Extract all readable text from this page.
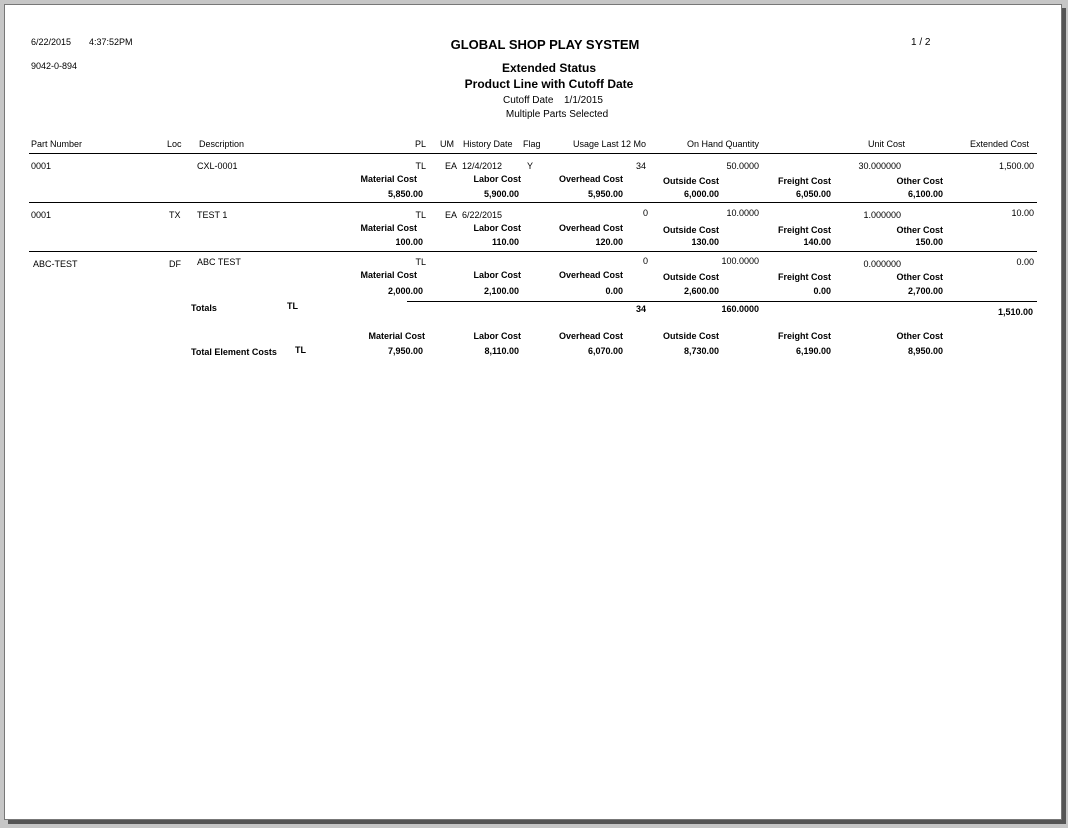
6/22/2015 4:37:52PM
9042-0-894
GLOBAL SHOP PLAY SYSTEM	1 / 2
Extended Status
Product Line with Cutoff Date
Cutoff Date 1/1/2015
Multiple Parts Selected
Part Number	Loc Description	PL UM History Date Flag	Usage Last 12 Mo	On Hand Quantity	Unit Cost	Extended Cost
0001	CXL-0001	TL EA 12/4/2012	Y	34	50.0000	30.000000	1,500.00
Material Cost	Labor Cost	Overhead Cost	Outside Cost	Freight Cost	Other Cost
5,850.00	5,900.00	5,950.00	6,000.00	6,050.00	6,100.00
0001	TX TEST 1	TL EA 6/22/2015	0	10.0000	1.000000	10.00
Material Cost	Labor Cost	Overhead Cost	Outside Cost	Freight Cost	Other Cost
100.00	110.00	120.00	130.00	140.00	150.00
ABC-TEST	DF ABC TEST	TL	0	100.0000	0.000000	0.00
Material Cost	Labor Cost	Overhead Cost	Outside Cost	Freight Cost	Other Cost
2,000.00	2,100.00	0.00	2,600.00	0.00	2,700.00
Totals	TL	34	160.0000	1,510.00
Material Cost	Labor Cost	Overhead Cost	Outside Cost	Freight Cost	Other Cost
Total Element Costs TL	7,950.00	8,110.00	6,070.00	8,730.00	6,190.00	8,950.00
